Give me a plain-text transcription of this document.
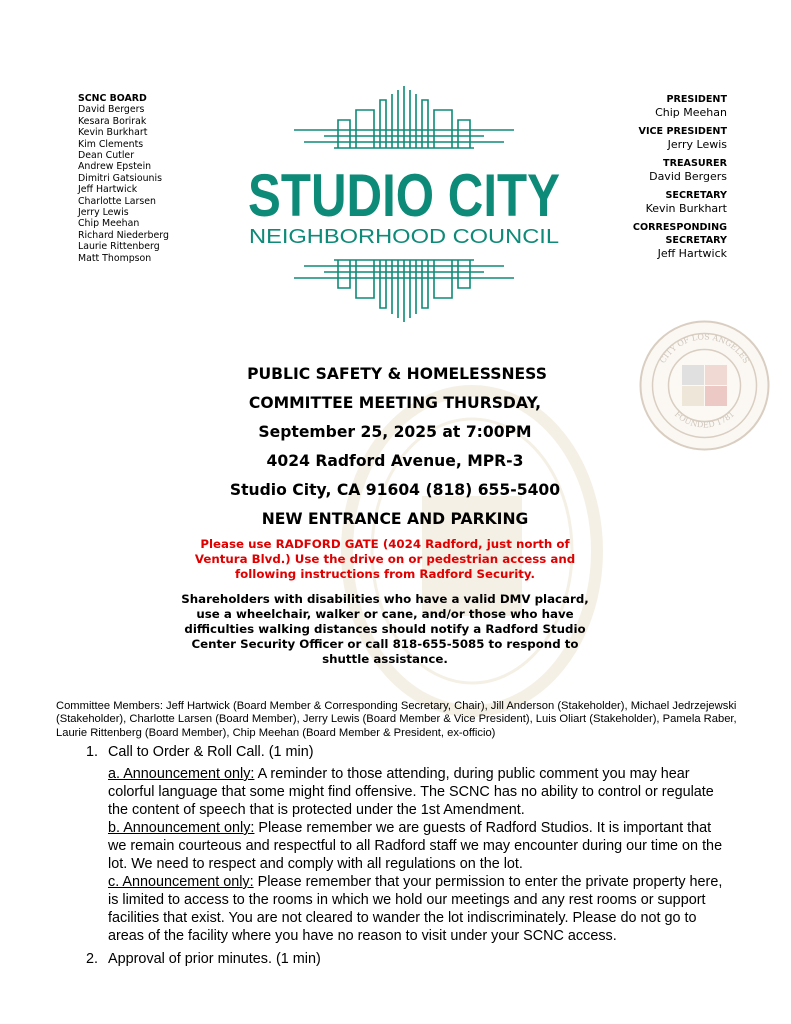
SCNC BOARD
David Bergers
Kesara Borirak
Kevin Burkhart
Kim Clements
Dean Cutler
Andrew Epstein
Dimitri Gatsiounis
Jeff Hartwick
Charlotte Larsen
Jerry Lewis
Chip Meehan
Richard Niederberg
Laurie Rittenberg
Matt Thompson
PRESIDENT
Chip Meehan
VICE PRESIDENT
Jerry Lewis
TREASURER
David Bergers
SECRETARY
Kevin Burkhart
CORRESPONDING
SECRETARY
Jeff Hartwick
STUDIO CITY
NEIGHBORHOOD COUNCIL
CITY OF LOS ANGELES
FOUNDED 1781
PUBLIC SAFETY & HOMELESSNESS
COMMITTEE MEETING THURSDAY,
September 25, 2025 at 7:00PM
4024 Radford Avenue, MPR-3
Studio City, CA 91604 (818) 655-5400
NEW ENTRANCE AND PARKING
Please use RADFORD GATE (4024 Radford, just north of
Ventura Blvd.) Use the drive on or pedestrian access and
following instructions from Radford Security.
Shareholders with disabilities who have a valid DMV placard,
use a wheelchair, walker or cane, and/or those who have
difficulties walking distances should notify a Radford Studio
Center Security Officer or call 818-655-5085 to respond to
shuttle assistance.
Committee Members: Jeff Hartwick (Board Member & Corresponding Secretary, Chair), Jill Anderson (Stakeholder), Michael Jedrzejewski (Stakeholder), Charlotte Larsen (Board Member), Jerry Lewis (Board Member & Vice President), Luis Oliart (Stakeholder), Pamela Raber, Laurie Rittenberg (Board Member), Chip Meehan (Board Member & President, ex-officio)
1. Call to Order & Roll Call. (1 min)
a. Announcement only: A reminder to those attending, during public comment you may hear colorful language that some might find offensive. The SCNC has no ability to control or regulate the content of speech that is protected under the 1st Amendment.
b. Announcement only: Please remember we are guests of Radford Studios. It is important that we remain courteous and respectful to all Radford staff we may encounter during our time on the lot. We need to respect and comply with all regulations on the lot.
c. Announcement only: Please remember that your permission to enter the private property here, is limited to access to the rooms in which we hold our meetings and any rest rooms or support facilities that exist. You are not cleared to wander the lot indiscriminately. Please do not go to areas of the facility where you have no reason to visit under your SCNC access.
2. Approval of prior minutes. (1 min)
